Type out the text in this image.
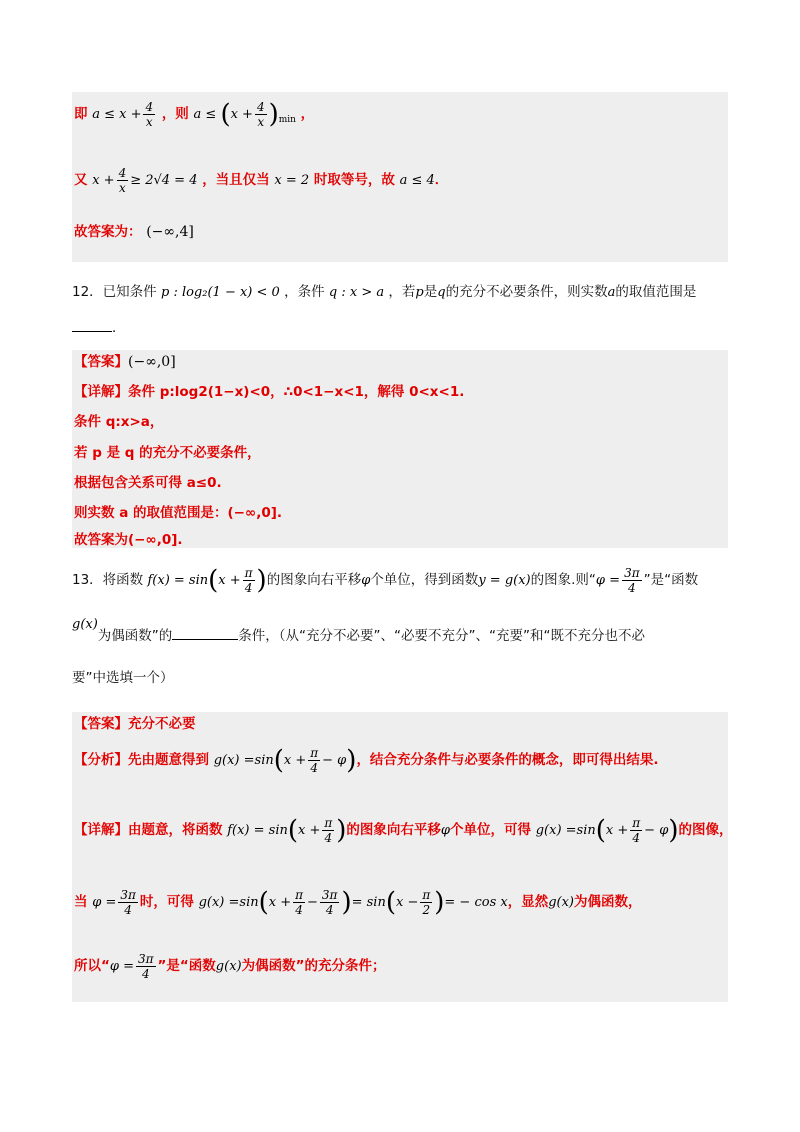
即 $a \le x + \frac{4}{x}$ ，则 $a \le (x + \frac{4}{x} )_{min}$ ，
又 $x + \frac{4}{x} \ge 2√4 = 4$ ，当且仅当 x = 2 时取等号，故 a ≤ 4．
故答案为： (−∞,4]
12．已知条件 p : log₂(1 − x) < 0 ，条件 q : x > a ，若p是q的充分不必要条件，则实数a的取值范围是
．
【答案】(−∞,0]
【详解】条件 p:log2(1−x)<0，∴0<1−x<1，解得 0<x<1.
条件 q:x>a，
若 p 是 q 的充分不必要条件，
根据包含关系可得 a≤0.
则实数 a 的取值范围是：(−∞,0].
故答案为(−∞,0].
13．将函数 $f(x) = \sin(x + \frac{\pi}{4}$ )的图象向右平移φ个单位，得到函数y = g(x)的图象.则“$\varphi = \frac{3\pi}{4}$ ”是“函数
g(x)为偶函数”的	条件，（从“充分不必要”、“必要不充分”、“充要”和“既不充分也不必
要”中选填一个）
【答案】充分不必要
【分析】先由题意得到 $g(x) =\sin(x + \frac{\pi}{4} - \varphi)$，结合充分条件与必要条件的概念，即可得出结果.
【详解】由题意，将函数 $f(x) = \sin(x + \frac{\pi}{4}$ )的图象向右平移φ个单位，可得 $g(x) =\sin(x + \frac{\pi}{4} - \varphi)$的图像，
当 $\varphi = \frac{3\pi}{4}$ 时，可得 $g(x) =\sin(x + \frac{\pi}{4} - \frac{3\pi}{4}$ )= $\sin(x - \frac{\pi}{2}$ )= − cos x，显然g(x)为偶函数，
所以“$\varphi = \frac{3\pi}{4}$ ”是“函数g(x)为偶函数”的充分条件；
